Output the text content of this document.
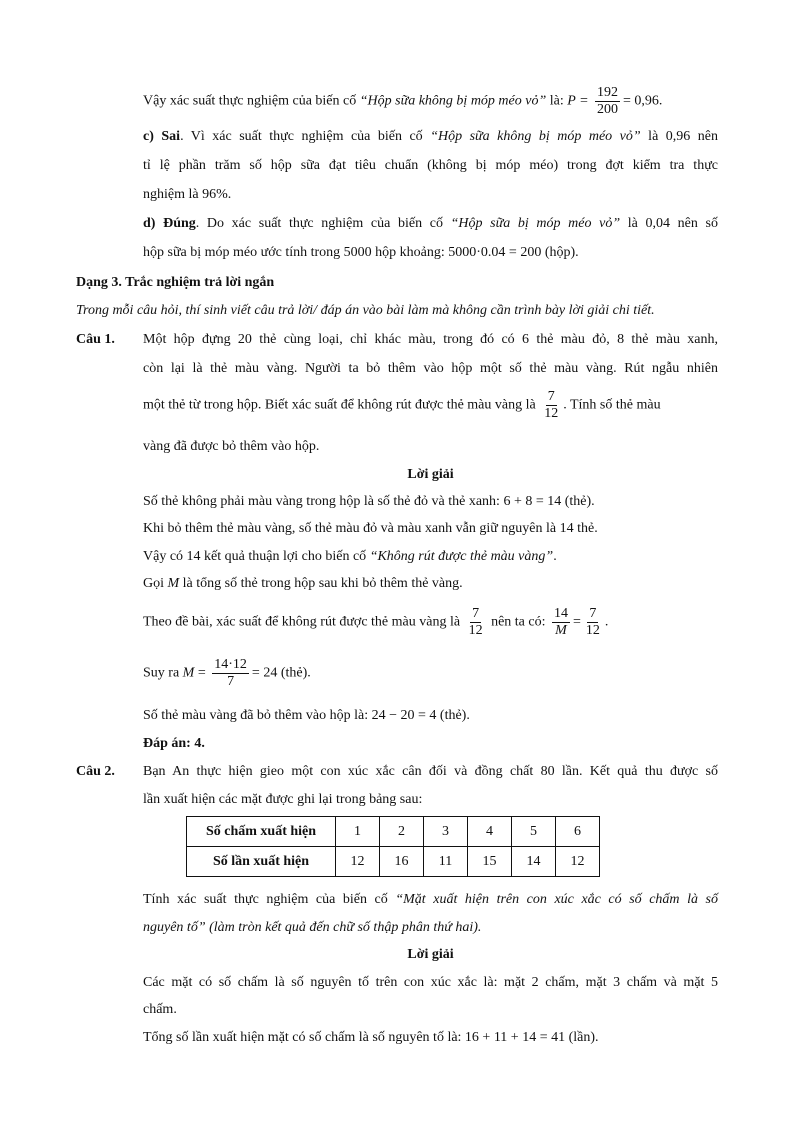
Vậy xác suất thực nghiệm của biến cố “Hộp sữa không bị móp méo vỏ” là: $P = \frac{192}{200} = 0,96$.
c) Sai. Vì xác suất thực nghiệm của biến cố “Hộp sữa không bị móp méo vỏ” là 0,96 nên
tỉ lệ phần trăm số hộp sữa đạt tiêu chuẩn (không bị móp méo) trong đợt kiểm tra thực
nghiệm là 96%.
d) Đúng. Do xác suất thực nghiệm của biến cố “Hộp sữa bị móp méo vỏ” là 0,04 nên số
hộp sữa bị móp méo ước tính trong 5000 hộp khoảng: 5000·0.04 = 200 (hộp).
Dạng 3. Trắc nghiệm trả lời ngắn
Trong mỗi câu hỏi, thí sinh viết câu trả lời/ đáp án vào bài làm mà không cần trình bày lời giải chi tiết.
Câu 1. Một hộp đựng 20 thẻ cùng loại, chỉ khác màu, trong đó có 6 thẻ màu đỏ, 8 thẻ màu xanh,
còn lại là thẻ màu vàng. Người ta bỏ thêm vào hộp một số thẻ màu vàng. Rút ngẫu nhiên
một thẻ từ trong hộp. Biết xác suất để không rút được thẻ màu vàng là $\frac{7}{12}$ . Tính số thẻ màu
vàng đã được bỏ thêm vào hộp.
Lời giải
Số thẻ không phải màu vàng trong hộp là số thẻ đỏ và thẻ xanh: 6 + 8 = 14 (thẻ).
Khi bỏ thêm thẻ màu vàng, số thẻ màu đỏ và màu xanh vẫn giữ nguyên là 14 thẻ.
Vậy có 14 kết quả thuận lợi cho biến cố “Không rút được thẻ màu vàng”.
Gọi M là tổng số thẻ trong hộp sau khi bỏ thêm thẻ vàng.
Theo đề bài, xác suất để không rút được thẻ màu vàng là $\frac{7}{12}$ nên ta có: $\frac{14}{M} = \frac{7}{12}$ .
Suy ra $M = \frac{14\cdot 12}{7} = 24$ (thẻ).
Số thẻ màu vàng đã bỏ thêm vào hộp là: 24 − 20 = 4 (thẻ).
Đáp án: 4.
Câu 2. Bạn An thực hiện gieo một con xúc xắc cân đối và đồng chất 80 lần. Kết quả thu được số
lần xuất hiện các mặt được ghi lại trong bảng sau:
Số chấm xuất hiện	1	2	3	4	5	6
Số lần xuất hiện	12	16	11	15	14	12
Tính xác suất thực nghiệm của biến cố “Mặt xuất hiện trên con xúc xắc có số chấm là số
nguyên tố” (làm tròn kết quả đến chữ số thập phân thứ hai).
Lời giải
Các mặt có số chấm là số nguyên tố trên con xúc xắc là: mặt 2 chấm, mặt 3 chấm và mặt 5
chấm.
Tổng số lần xuất hiện mặt có số chấm là số nguyên tố là: 16 + 11 + 14 = 41 (lần).
